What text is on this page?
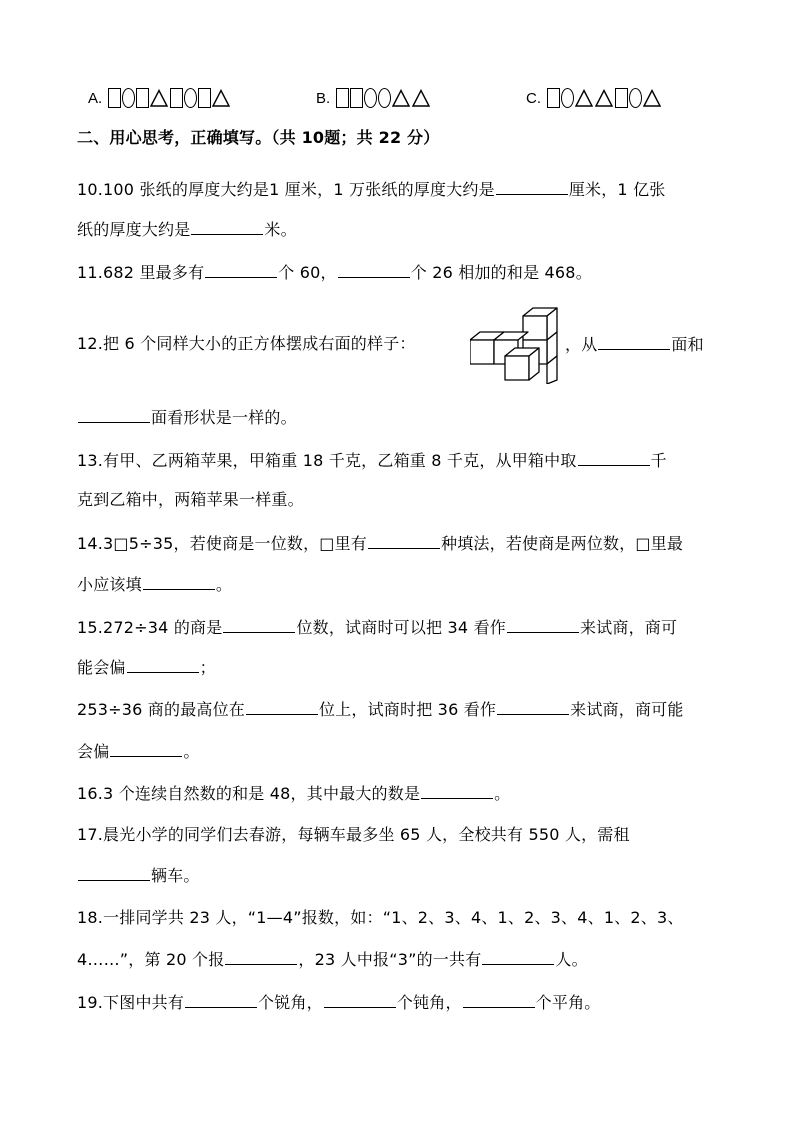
A.	B.	C.
二、用心思考，正确填写。（共 10题；共 22 分）
10.100 张纸的厚度大约是1 厘米，1 万张纸的厚度大约是	厘米，1 亿张
纸的厚度大约是	米。
11.682 里最多有	个 60，	个 26 相加的和是 468。
12.把 6 个同样大小的正方体摆成右面的样子：	，从	面和
面看形状是一样的。
13.有甲、乙两箱苹果，甲箱重 18 千克，乙箱重 8 千克，从甲箱中取	千
克到乙箱中，两箱苹果一样重。
14.3□5÷35，若使商是一位数，□里有	种填法，若使商是两位数，□里最
小应该填	。
15.272÷34 的商是	位数，试商时可以把 34 看作	来试商，商可
能会偏	；
253÷36 商的最高位在	位上，试商时把 36 看作	来试商，商可能
会偏	。
16.3 个连续自然数的和是 48，其中最大的数是	。
17.晨光小学的同学们去春游，每辆车最多坐 65 人，全校共有 550 人，需租
辆车。
18.一排同学共 23 人，“1—4”报数，如：“1、2、3、4、1、2、3、4、1、2、3、
4……”，第 20 个报	，23 人中报“3”的一共有	人。
19.下图中共有	个锐角，	个钝角，	个平角。
